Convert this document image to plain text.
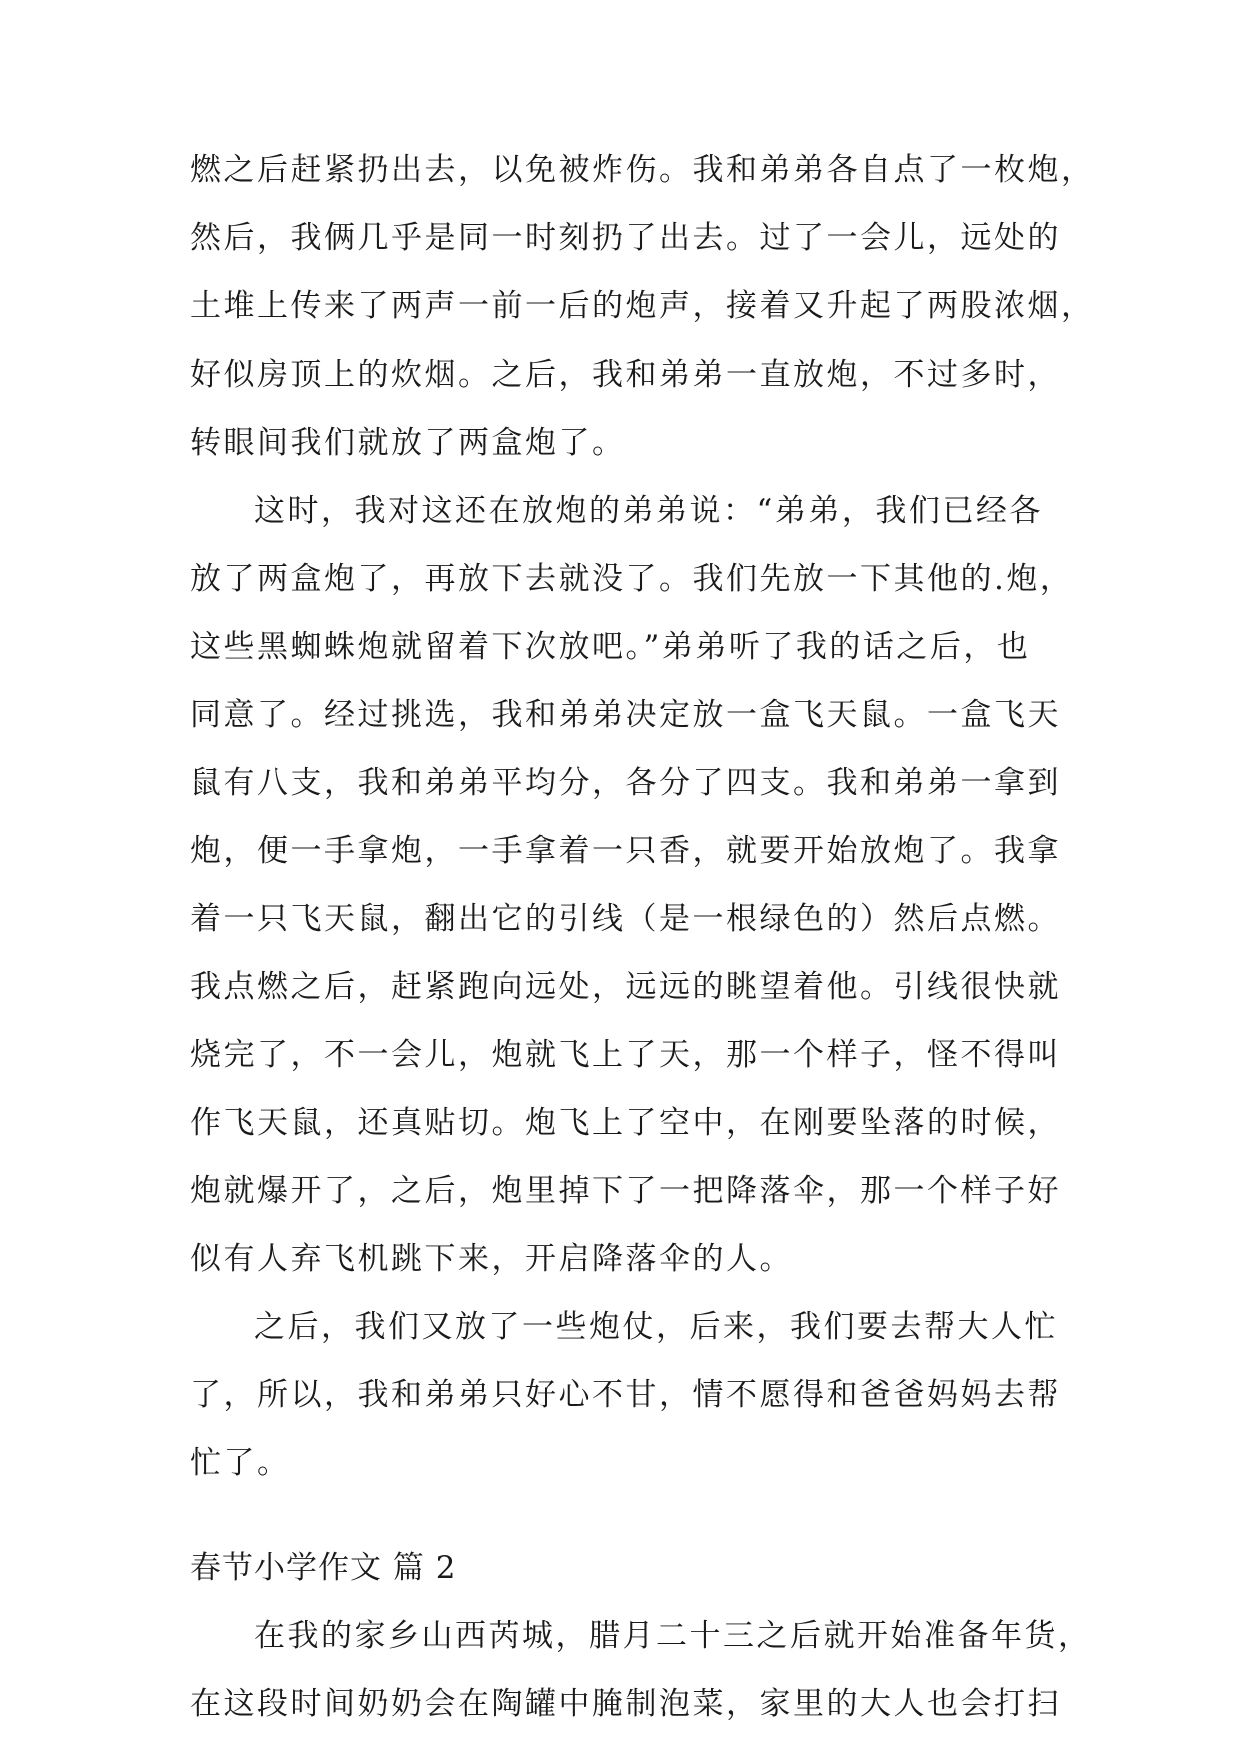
燃之后赶紧扔出去，以免被炸伤。我和弟弟各自点了一枚炮，
然后，我俩几乎是同一时刻扔了出去。过了一会儿，远处的
土堆上传来了两声一前一后的炮声，接着又升起了两股浓烟，
好似房顶上的炊烟。之后，我和弟弟一直放炮，不过多时，
转眼间我们就放了两盒炮了。
这时，我对这还在放炮的弟弟说：“弟弟，我们已经各
放了两盒炮了，再放下去就没了。我们先放一下其他的.炮，
这些黑蜘蛛炮就留着下次放吧。”弟弟听了我的话之后，也
同意了。经过挑选，我和弟弟决定放一盒飞天鼠。一盒飞天
鼠有八支，我和弟弟平均分，各分了四支。我和弟弟一拿到
炮，便一手拿炮，一手拿着一只香，就要开始放炮了。我拿
着一只飞天鼠，翻出它的引线（是一根绿色的）然后点燃。
我点燃之后，赶紧跑向远处，远远的眺望着他。引线很快就
烧完了，不一会儿，炮就飞上了天，那一个样子，怪不得叫
作飞天鼠，还真贴切。炮飞上了空中，在刚要坠落的时候，
炮就爆开了，之后，炮里掉下了一把降落伞，那一个样子好
似有人弃飞机跳下来，开启降落伞的人。
之后，我们又放了一些炮仗，后来，我们要去帮大人忙
了，所以，我和弟弟只好心不甘，情不愿得和爸爸妈妈去帮
忙了。
春节小学作文 篇 2
在我的家乡山西芮城，腊月二十三之后就开始准备年货，
在这段时间奶奶会在陶罐中腌制泡菜，家里的大人也会打扫
